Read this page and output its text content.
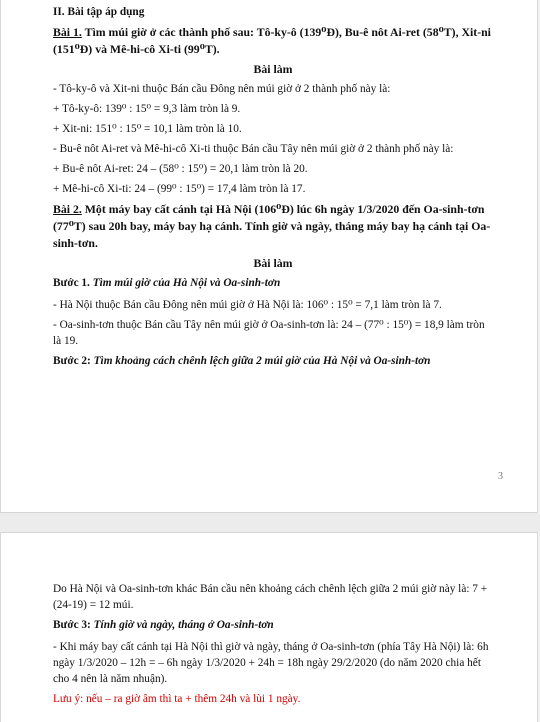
II. Bài tập áp dụng
Bài 1. Tìm múi giờ ở các thành phố sau: Tô-ky-ô (139⁰Đ), Bu-ê nôt Ai-ret (58⁰T), Xit-ni (151⁰Đ) và Mê-hi-cô Xi-ti (99⁰T).
Bài làm
- Tô-ky-ô và Xit-ni thuộc Bán cầu Đông nên múi giờ ở 2 thành phố này là:
+ Tô-ky-ô: 139⁰ : 15⁰ = 9,3 làm tròn là 9.
+ Xit-ni: 151⁰ : 15⁰ = 10,1 làm tròn là 10.
- Bu-ê nôt Ai-ret và Mê-hi-cô Xi-ti thuộc Bán cầu Tây nên múi giờ ở 2 thành phố này là:
+ Bu-ê nôt Ai-ret: 24 – (58⁰ : 15⁰) = 20,1 làm tròn là 20.
+ Mê-hi-cô Xi-ti: 24 – (99⁰ : 15⁰) = 17,4 làm tròn là 17.
Bài 2. Một máy bay cất cánh tại Hà Nội (106⁰Đ) lúc 6h ngày 1/3/2020 đến Oa-sinh-tơn (77⁰T) sau 20h bay, máy bay hạ cánh. Tính giờ và ngày, tháng máy bay hạ cánh tại Oa-sinh-tơn.
Bài làm
Bước 1. Tìm múi giờ của Hà Nội và Oa-sinh-tơn
- Hà Nội thuộc Bán cầu Đông nên múi giờ ở Hà Nội là: 106⁰ : 15⁰ = 7,1 làm tròn là 7.
- Oa-sinh-tơn thuộc Bán cầu Tây nên múi giờ ở Oa-sinh-tơn là: 24 – (77⁰ : 15⁰) = 18,9 làm tròn là 19.
Bước 2: Tìm khoảng cách chênh lệch giữa 2 múi giờ của Hà Nội và Oa-sinh-tơn
3
Do Hà Nội và Oa-sinh-tơn khác Bán cầu nên khoảng cách chênh lệch giữa 2 múi giờ này là: 7 + (24-19) = 12 múi.
Bước 3: Tính giờ và ngày, tháng ở Oa-sinh-tơn
- Khi máy bay cất cánh tại Hà Nội thì giờ và ngày, tháng ở Oa-sinh-tơn (phía Tây Hà Nội) là: 6h ngày 1/3/2020 – 12h = – 6h ngày 1/3/2020 + 24h = 18h ngày 29/2/2020 (do năm 2020 chia hết cho 4 nên là năm nhuận).
Lưu ý: nếu – ra giờ âm thì ta + thêm 24h và lùi 1 ngày.
